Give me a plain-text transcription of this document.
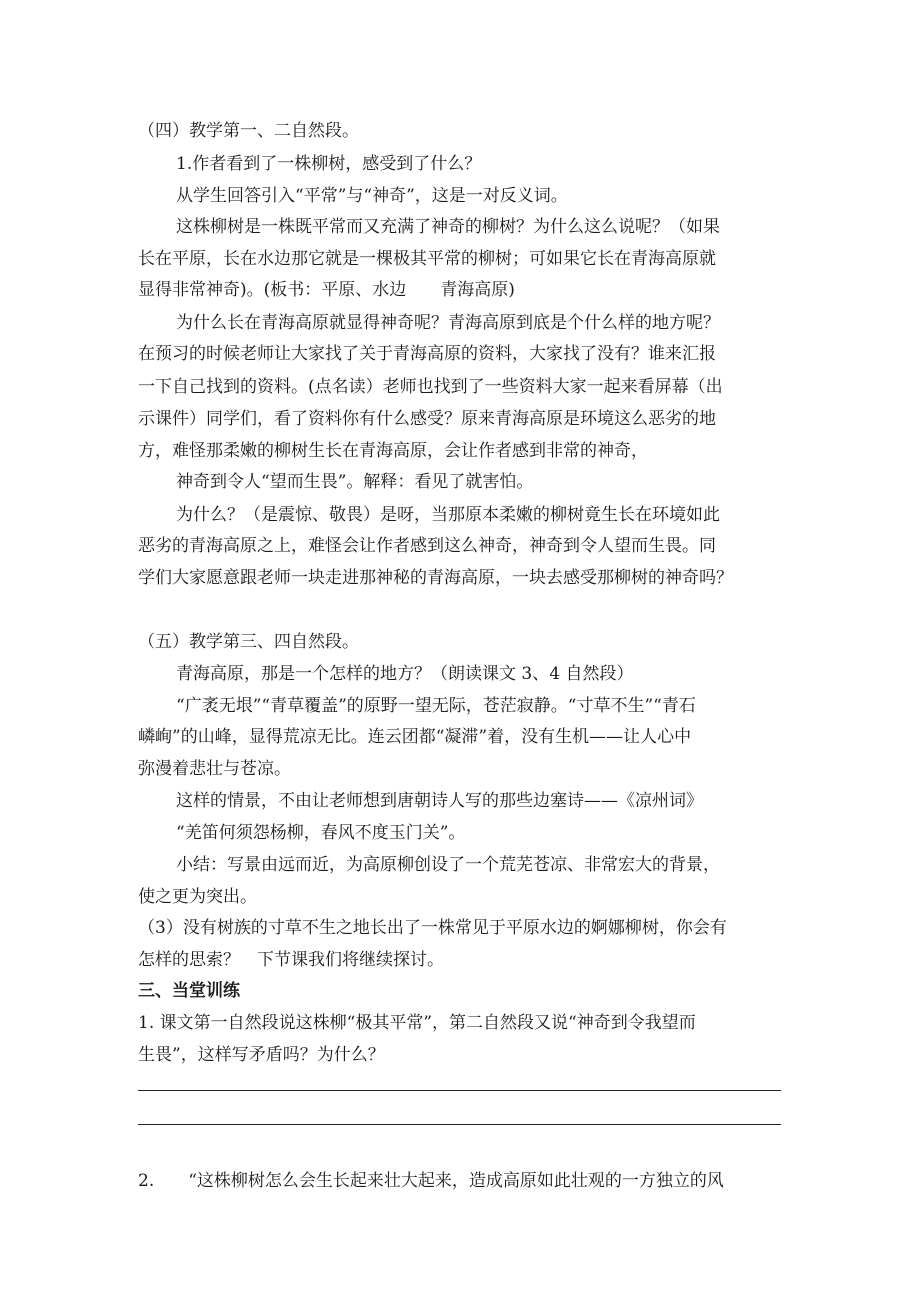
（四）教学第一、二自然段。
1.作者看到了一株柳树，感受到了什么？
从学生回答引入“平常”与“神奇”，这是一对反义词。
这株柳树是一株既平常而又充满了神奇的柳树？为什么这么说呢？（如果
长在平原，长在水边那它就是一棵极其平常的柳树；可如果它长在青海高原就
显得非常神奇)。(板书：平原、水边　　青海高原)
为什么长在青海高原就显得神奇呢？青海高原到底是个什么样的地方呢？
在预习的时候老师让大家找了关于青海高原的资料，大家找了没有？谁来汇报
一下自己找到的资料。(点名读）老师也找到了一些资料大家一起来看屏幕（出
示课件）同学们，看了资料你有什么感受？原来青海高原是环境这么恶劣的地
方，难怪那柔嫩的柳树生长在青海高原，会让作者感到非常的神奇，
神奇到令人“望而生畏”。解释：看见了就害怕。
为什么？（是震惊、敬畏）是呀，当那原本柔嫩的柳树竟生长在环境如此
恶劣的青海高原之上，难怪会让作者感到这么神奇，神奇到令人望而生畏。同
学们大家愿意跟老师一块走进那神秘的青海高原，一块去感受那柳树的神奇吗？
（五）教学第三、四自然段。
青海高原，那是一个怎样的地方？（朗读课文 3、4 自然段）
“广袤无垠”“青草覆盖”的原野一望无际，苍茫寂静。“寸草不生”“青石
嶙峋”的山峰，显得荒凉无比。连云团都“凝滞”着，没有生机——让人心中
弥漫着悲壮与苍凉。
这样的情景，不由让老师想到唐朝诗人写的那些边塞诗——《凉州词》
“羌笛何须怨杨柳，春风不度玉门关”。
小结：写景由远而近，为高原柳创设了一个荒芜苍凉、非常宏大的背景，
使之更为突出。
（3）没有树族的寸草不生之地长出了一株常见于平原水边的婀娜柳树，你会有
怎样的思索？　下节课我们将继续探讨。
三、当堂训练
1. 课文第一自然段说这株柳“极其平常”，第二自然段又说“神奇到令我望而
生畏”，这样写矛盾吗？为什么？
2.　　“这株柳树怎么会生长起来壮大起来，造成高原如此壮观的一方独立的风
